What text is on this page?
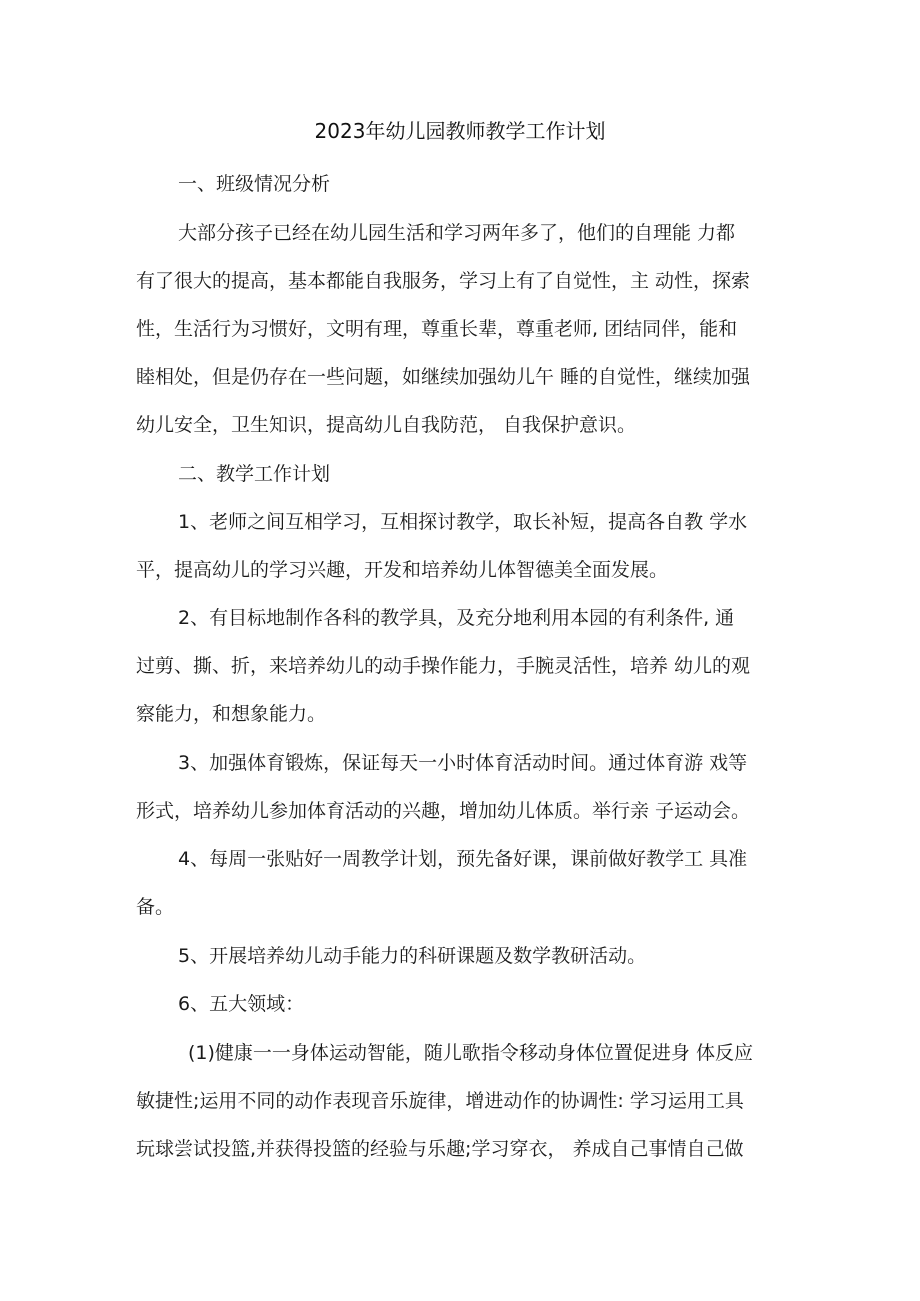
2023年幼儿园教师教学工作计划
一、班级情况分析
大部分孩子已经在幼儿园生活和学习两年多了，他们的自理能 力都
有了很大的提高，基本都能自我服务，学习上有了自觉性，主 动性，探索
性，生活行为习惯好，文明有理，尊重长辈，尊重老师, 团结同伴，能和
睦相处，但是仍存在一些问题，如继续加强幼儿午 睡的自觉性，继续加强
幼儿安全，卫生知识，提高幼儿自我防范， 自我保护意识。
二、教学工作计划
1、老师之间互相学习，互相探讨教学，取长补短，提高各自教 学水
平，提高幼儿的学习兴趣，开发和培养幼儿体智德美全面发展。
2、有目标地制作各科的教学具，及充分地利用本园的有利条件, 通
过剪、撕、折，来培养幼儿的动手操作能力，手腕灵活性，培养 幼儿的观
察能力，和想象能力。
3、加强体育锻炼，保证每天一小时体育活动时间。通过体育游 戏等
形式，培养幼儿参加体育活动的兴趣，增加幼儿体质。举行亲 子运动会。
4、每周一张贴好一周教学计划，预先备好课，课前做好教学工 具准
备。
5、开展培养幼儿动手能力的科研课题及数学教研活动。
6、五大领域：
(1)健康一一身体运动智能，随儿歌指令移动身体位置促进身 体反应
敏捷性;运用不同的动作表现音乐旋律，增进动作的协调性: 学习运用工具
玩球尝试投篮,并获得投篮的经验与乐趣;学习穿衣， 养成自己事情自己做
